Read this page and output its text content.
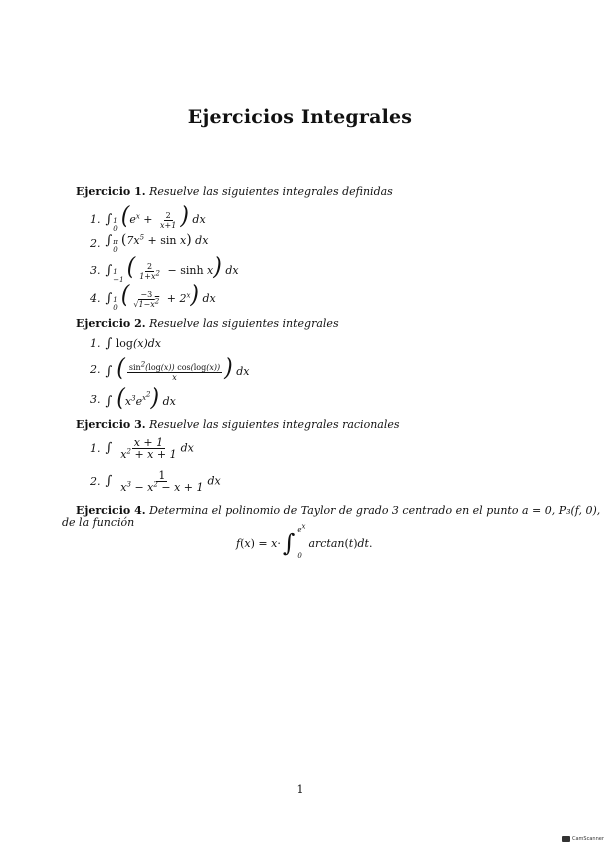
Ejercicios Integrales
Ejercicio 1. Resuelve las siguientes integrales definidas
1. ∫ 1
0 ($e^x + \frac{2}{x+1}$ ) dx
2. ∫ π
0
$(7x^5 + \sin x)$ dx
3. ∫ 1
−1 ( $\frac{2}{1+x^2} - \sinh x$) dx
4. ∫ 1
0 ( $\frac{-3}{√1-x^2} + 2^x$) dx
Ejercicio 2. Resuelve las siguientes integrales
1. ∫ log(x)dx
2. ∫ ( $\frac{\sin^2(\log(x)) \cos(\log(x))}{x}$ ) dx
3. ∫ $(x^3e^{x^2})$ dx
Ejercicio 3. Resuelve las siguientes integrales racionales
1. ∫ $\frac{x + 1}{x^2 + x + 1}$ dx
2. ∫ $\frac{1}{x^3 - x^2 - x + 1}$ dx
Ejercicio 4. Determina el polinomio de Taylor de grado 3 centrado en el punto a = 0, P₃(f, 0),
de la función
f ( x ) = x · ∫ $e^x$
0
arctan ( t ) dt .
1
CamScanner
